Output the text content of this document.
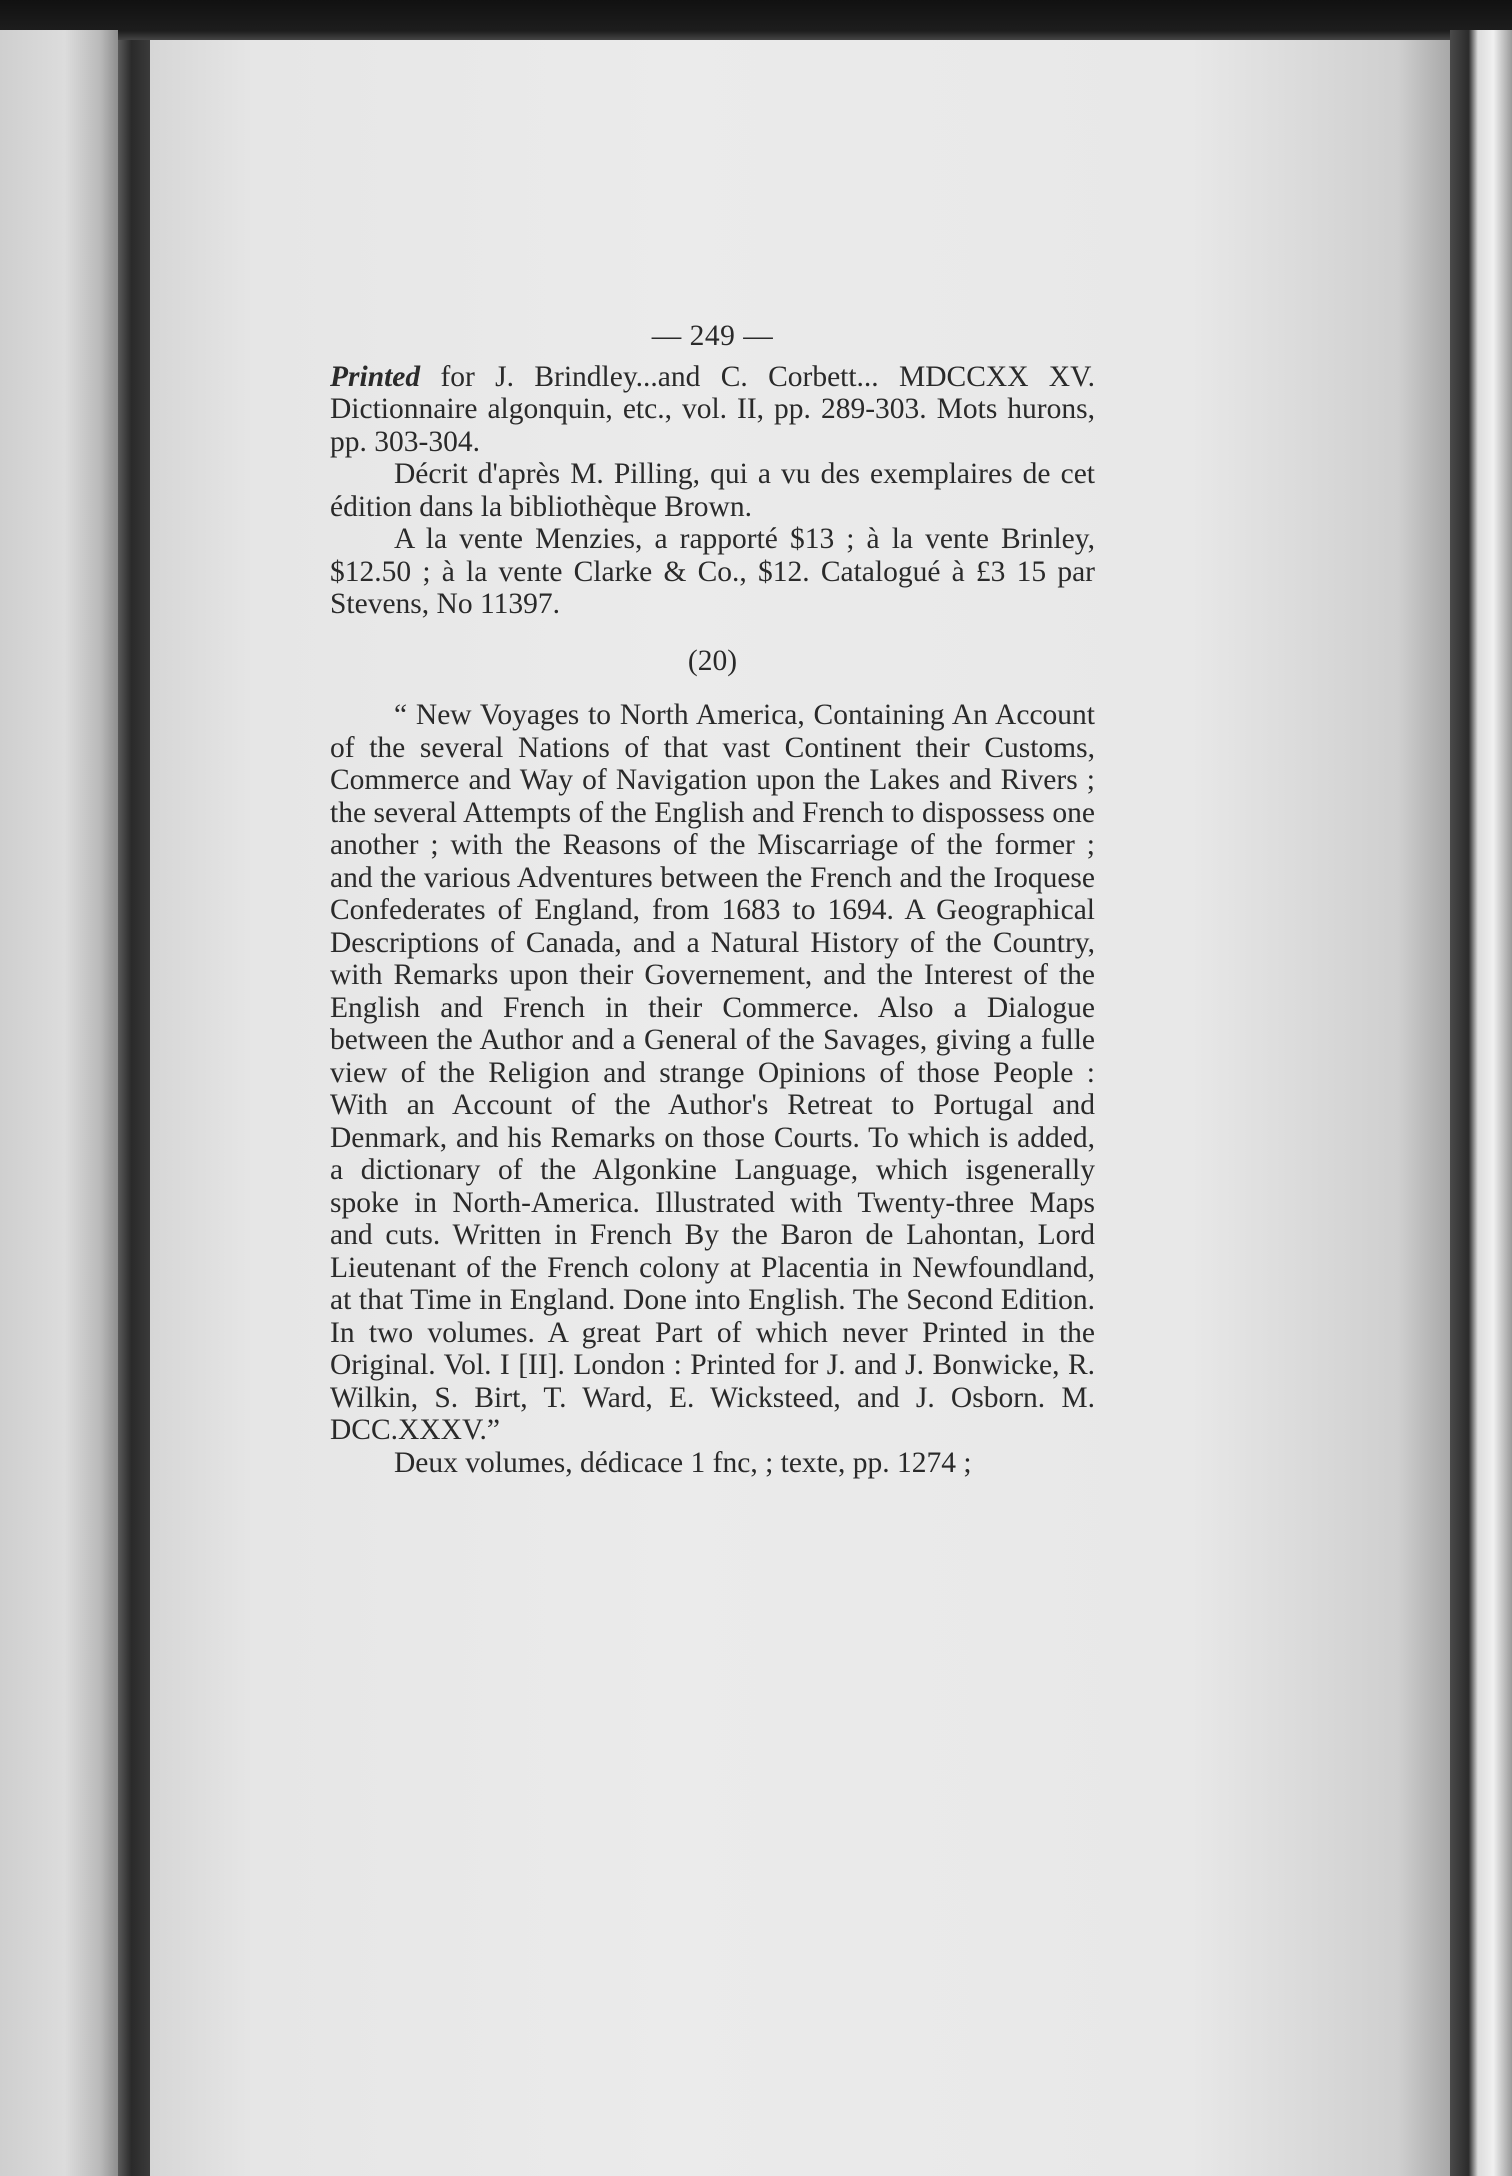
— 249 —

Printed for J. Brindley...and C. Corbett... MDCCXX XV. Dictionnaire algonquin, etc., vol. II, pp. 289-303. Mots hurons, pp. 303-304.

Décrit d'après M. Pilling, qui a vu des exemplaires de cet édition dans la bibliothèque Brown.

A la vente Menzies, a rapporté $13 ; à la vente Brinley, $12.50 ; à la vente Clarke & Co., $12. Catalogué à £3 15 par Stevens, No 11397.

(20)

“ New Voyages to North America, Containing An Account of the several Nations of that vast Continent their Customs, Commerce and Way of Navigation upon the Lakes and Rivers ; the several Attempts of the English and French to dispossess one another ; with the Reasons of the Miscarriage of the former ; and the various Adventures between the French and the Iroquese Confederates of England, from 1683 to 1694. A Geographical Descriptions of Canada, and a Natural History of the Country, with Remarks upon their Governement, and the Interest of the English and French in their Commerce. Also a Dialogue between the Author and a General of the Savages, giving a fulle view of the Religion and strange Opinions of those People : With an Account of the Author's Retreat to Portugal and Denmark, and his Remarks on those Courts. To which is added, a dictionary of the Algonkine Language, which isgenerally spoke in North-America. Illustrated with Twenty-three Maps and cuts. Written in French By the Baron de Lahontan, Lord Lieutenant of the French colony at Placentia in Newfoundland, at that Time in England. Done into English. The Second Edition. In two volumes. A great Part of which never Printed in the Original. Vol. I [II]. London : Printed for J. and J. Bonwicke, R. Wilkin, S. Birt, T. Ward, E. Wicksteed, and J. Osborn. M. DCC.XXXV.”

Deux volumes, dédicace 1 fnc, ; texte, pp. 1274 ;
